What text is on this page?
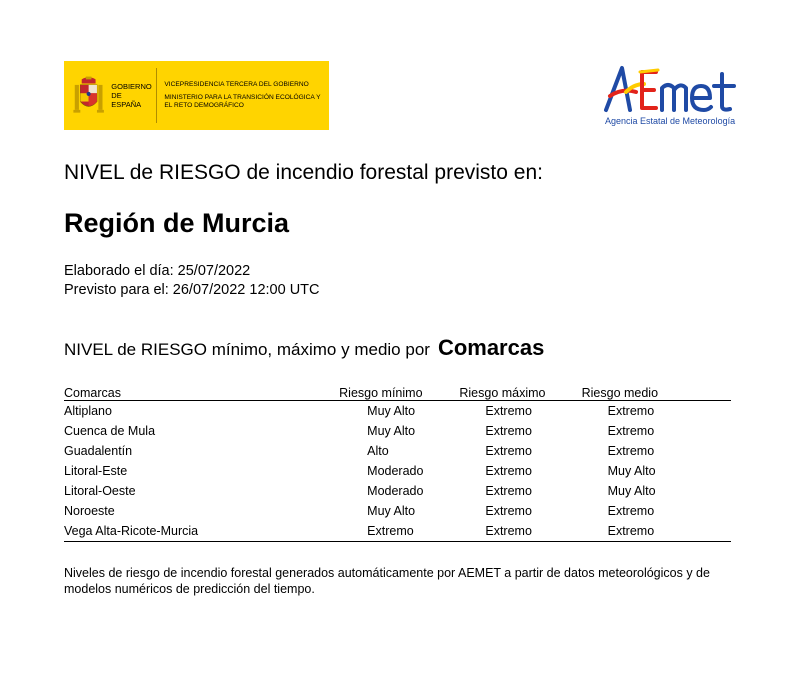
GOBIERNO DE ESPAÑA
VICEPRESIDENCIA TERCERA DEL GOBIERNO
MINISTERIO PARA LA TRANSICIÓN ECOLÓGICA Y EL RETO DEMOGRÁFICO
Agencia Estatal de Meteorología
NIVEL de RIESGO de incendio forestal previsto en:
Región de Murcia
Elaborado el día: 25/07/2022
Previsto para el: 26/07/2022 12:00 UTC
NIVEL de RIESGO mínimo, máximo y medio por Comarcas
Comarcas	Riesgo mínimo	Riesgo máximo	Riesgo medio
Altiplano	Muy Alto	Extremo	Extremo
Cuenca de Mula	Muy Alto	Extremo	Extremo
Guadalentín	Alto	Extremo	Extremo
Litoral-Este	Moderado	Extremo	Muy Alto
Litoral-Oeste	Moderado	Extremo	Muy Alto
Noroeste	Muy Alto	Extremo	Extremo
Vega Alta-Ricote-Murcia	Extremo	Extremo	Extremo
Niveles de riesgo de incendio forestal generados automáticamente por AEMET a partir de datos meteorológicos y de modelos numéricos de predicción del tiempo.
